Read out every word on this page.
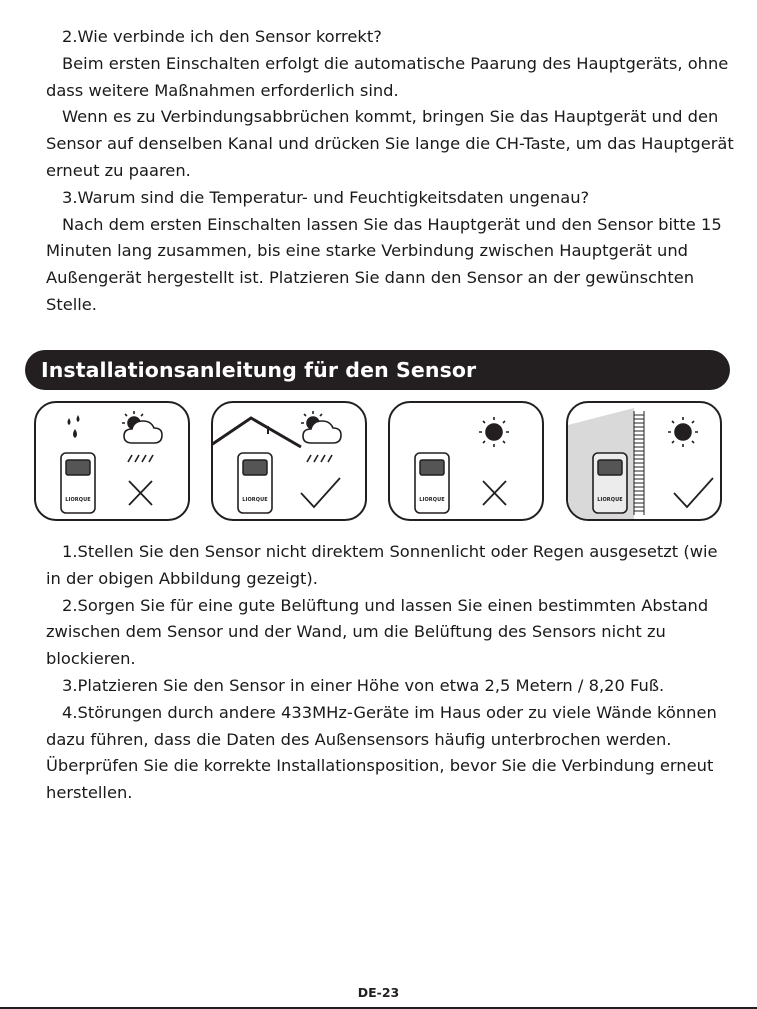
2.Wie verbinde ich den Sensor korrekt?

Beim ersten Einschalten erfolgt die automatische Paarung des Hauptgeräts, ohne dass weitere Maßnahmen erforderlich sind.

Wenn es zu Verbindungsabbrüchen kommt, bringen Sie das Hauptgerät und den Sensor auf denselben Kanal und drücken Sie lange die CH-Taste, um das Hauptgerät erneut zu paaren.

3.Warum sind die Temperatur- und Feuchtigkeitsdaten ungenau?

Nach dem ersten Einschalten lassen Sie das Hauptgerät und den Sensor bitte 15 Minuten lang zusammen, bis eine starke Verbindung zwischen Hauptgerät und Außengerät hergestellt ist. Platzieren Sie dann den Sensor an der gewünschten Stelle.

Installationsanleitung für den Sensor
LIORQUE	LIORQUE	LIORQUE	LIORQUE

1.Stellen Sie den Sensor nicht direktem Sonnenlicht oder Regen ausgesetzt (wie in der obigen Abbildung gezeigt).

2.Sorgen Sie für eine gute Belüftung und lassen Sie einen bestimmten Abstand zwischen dem Sensor und der Wand, um die Belüftung des Sensors nicht zu blockieren.

3.Platzieren Sie den Sensor in einer Höhe von etwa 2,5 Metern / 8,20 Fuß.

4.Störungen durch andere 433MHz-Geräte im Haus oder zu viele Wände können dazu führen, dass die Daten des Außensensors häufig unterbrochen werden. Überprüfen Sie die korrekte Installationsposition, bevor Sie die Verbindung erneut herstellen.

DE-23
